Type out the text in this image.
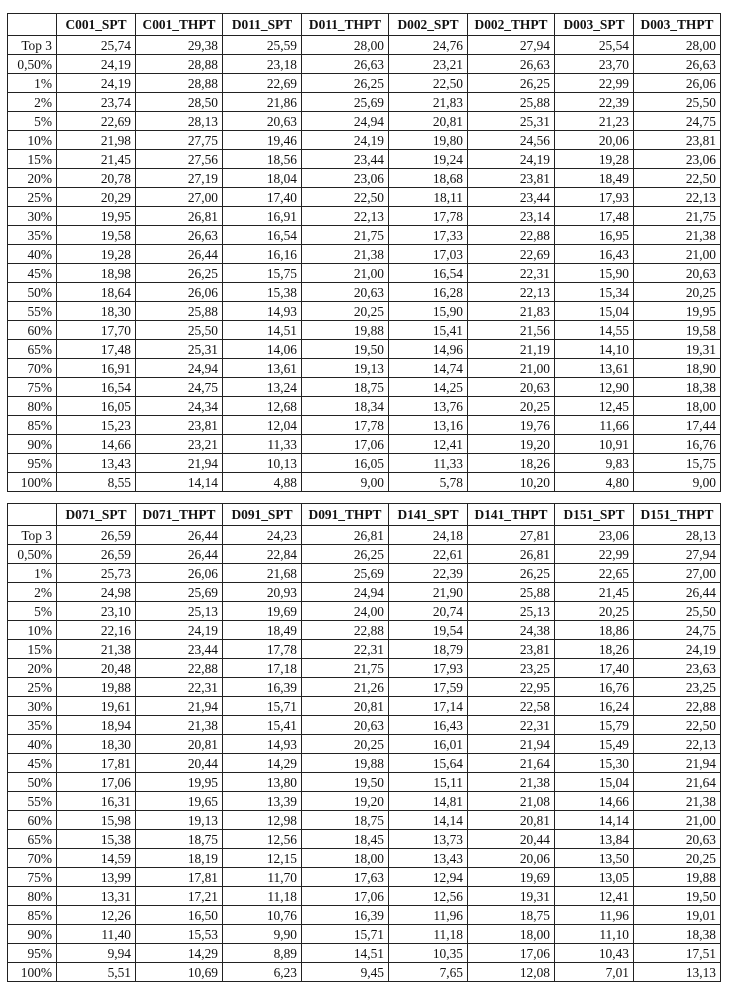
	C001_SPT	C001_THPT	D011_SPT	D011_THPT	D002_SPT	D002_THPT	D003_SPT	D003_THPT
Top 3	25,74	29,38	25,59	28,00	24,76	27,94	25,54	28,00
0,50%	24,19	28,88	23,18	26,63	23,21	26,63	23,70	26,63
1%	24,19	28,88	22,69	26,25	22,50	26,25	22,99	26,06
2%	23,74	28,50	21,86	25,69	21,83	25,88	22,39	25,50
5%	22,69	28,13	20,63	24,94	20,81	25,31	21,23	24,75
10%	21,98	27,75	19,46	24,19	19,80	24,56	20,06	23,81
15%	21,45	27,56	18,56	23,44	19,24	24,19	19,28	23,06
20%	20,78	27,19	18,04	23,06	18,68	23,81	18,49	22,50
25%	20,29	27,00	17,40	22,50	18,11	23,44	17,93	22,13
30%	19,95	26,81	16,91	22,13	17,78	23,14	17,48	21,75
35%	19,58	26,63	16,54	21,75	17,33	22,88	16,95	21,38
40%	19,28	26,44	16,16	21,38	17,03	22,69	16,43	21,00
45%	18,98	26,25	15,75	21,00	16,54	22,31	15,90	20,63
50%	18,64	26,06	15,38	20,63	16,28	22,13	15,34	20,25
55%	18,30	25,88	14,93	20,25	15,90	21,83	15,04	19,95
60%	17,70	25,50	14,51	19,88	15,41	21,56	14,55	19,58
65%	17,48	25,31	14,06	19,50	14,96	21,19	14,10	19,31
70%	16,91	24,94	13,61	19,13	14,74	21,00	13,61	18,90
75%	16,54	24,75	13,24	18,75	14,25	20,63	12,90	18,38
80%	16,05	24,34	12,68	18,34	13,76	20,25	12,45	18,00
85%	15,23	23,81	12,04	17,78	13,16	19,76	11,66	17,44
90%	14,66	23,21	11,33	17,06	12,41	19,20	10,91	16,76
95%	13,43	21,94	10,13	16,05	11,33	18,26	9,83	15,75
100%	8,55	14,14	4,88	9,00	5,78	10,20	4,80	9,00
	D071_SPT	D071_THPT	D091_SPT	D091_THPT	D141_SPT	D141_THPT	D151_SPT	D151_THPT
Top 3	26,59	26,44	24,23	26,81	24,18	27,81	23,06	28,13
0,50%	26,59	26,44	22,84	26,25	22,61	26,81	22,99	27,94
1%	25,73	26,06	21,68	25,69	22,39	26,25	22,65	27,00
2%	24,98	25,69	20,93	24,94	21,90	25,88	21,45	26,44
5%	23,10	25,13	19,69	24,00	20,74	25,13	20,25	25,50
10%	22,16	24,19	18,49	22,88	19,54	24,38	18,86	24,75
15%	21,38	23,44	17,78	22,31	18,79	23,81	18,26	24,19
20%	20,48	22,88	17,18	21,75	17,93	23,25	17,40	23,63
25%	19,88	22,31	16,39	21,26	17,59	22,95	16,76	23,25
30%	19,61	21,94	15,71	20,81	17,14	22,58	16,24	22,88
35%	18,94	21,38	15,41	20,63	16,43	22,31	15,79	22,50
40%	18,30	20,81	14,93	20,25	16,01	21,94	15,49	22,13
45%	17,81	20,44	14,29	19,88	15,64	21,64	15,30	21,94
50%	17,06	19,95	13,80	19,50	15,11	21,38	15,04	21,64
55%	16,31	19,65	13,39	19,20	14,81	21,08	14,66	21,38
60%	15,98	19,13	12,98	18,75	14,14	20,81	14,14	21,00
65%	15,38	18,75	12,56	18,45	13,73	20,44	13,84	20,63
70%	14,59	18,19	12,15	18,00	13,43	20,06	13,50	20,25
75%	13,99	17,81	11,70	17,63	12,94	19,69	13,05	19,88
80%	13,31	17,21	11,18	17,06	12,56	19,31	12,41	19,50
85%	12,26	16,50	10,76	16,39	11,96	18,75	11,96	19,01
90%	11,40	15,53	9,90	15,71	11,18	18,00	11,10	18,38
95%	9,94	14,29	8,89	14,51	10,35	17,06	10,43	17,51
100%	5,51	10,69	6,23	9,45	7,65	12,08	7,01	13,13
